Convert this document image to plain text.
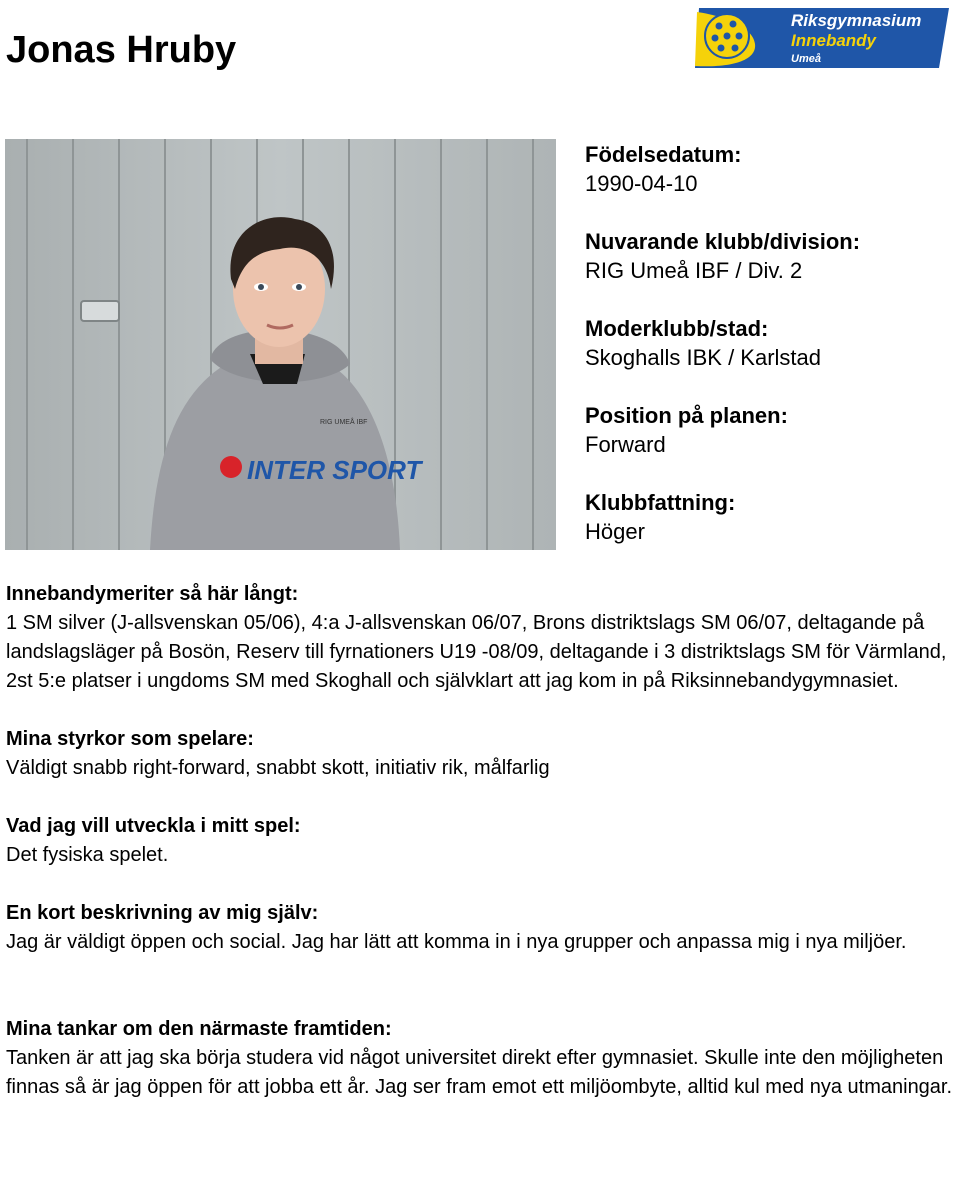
Jonas Hruby
Riksgymnasium
Innebandy
Umeå
RIG UMEÅ IBF
INTER SPORT
Födelsedatum:
1990-04-10
Nuvarande klubb/division:
RIG Umeå IBF / Div. 2
Moderklubb/stad:
Skoghalls IBK / Karlstad
Position på planen:
Forward
Klubbfattning:
Höger
Innebandymeriter så här långt:
1 SM silver (J-allsvenskan 05/06), 4:a J-allsvenskan 06/07, Brons distriktslags SM 06/07, deltagande på landslagsläger på Bosön, Reserv till fyrnationers U19 -08/09, deltagande i 3 distriktslags SM för Värmland, 2st 5:e platser i ungdoms SM med Skoghall och självklart att jag kom in på Riksinnebandygymnasiet.
Mina styrkor som spelare:
Väldigt snabb right-forward, snabbt skott, initiativ rik, målfarlig
Vad jag vill utveckla i mitt spel:
Det fysiska spelet.
En kort beskrivning av mig själv:
Jag är väldigt öppen och social. Jag har lätt att komma in i nya grupper och anpassa mig i nya miljöer.
Mina tankar om den närmaste framtiden:
Tanken är att jag ska börja studera vid något universitet direkt efter gymnasiet. Skulle inte den möjligheten finnas så är jag öppen för att jobba ett år. Jag ser fram emot ett miljöombyte, alltid kul med nya utmaningar.
